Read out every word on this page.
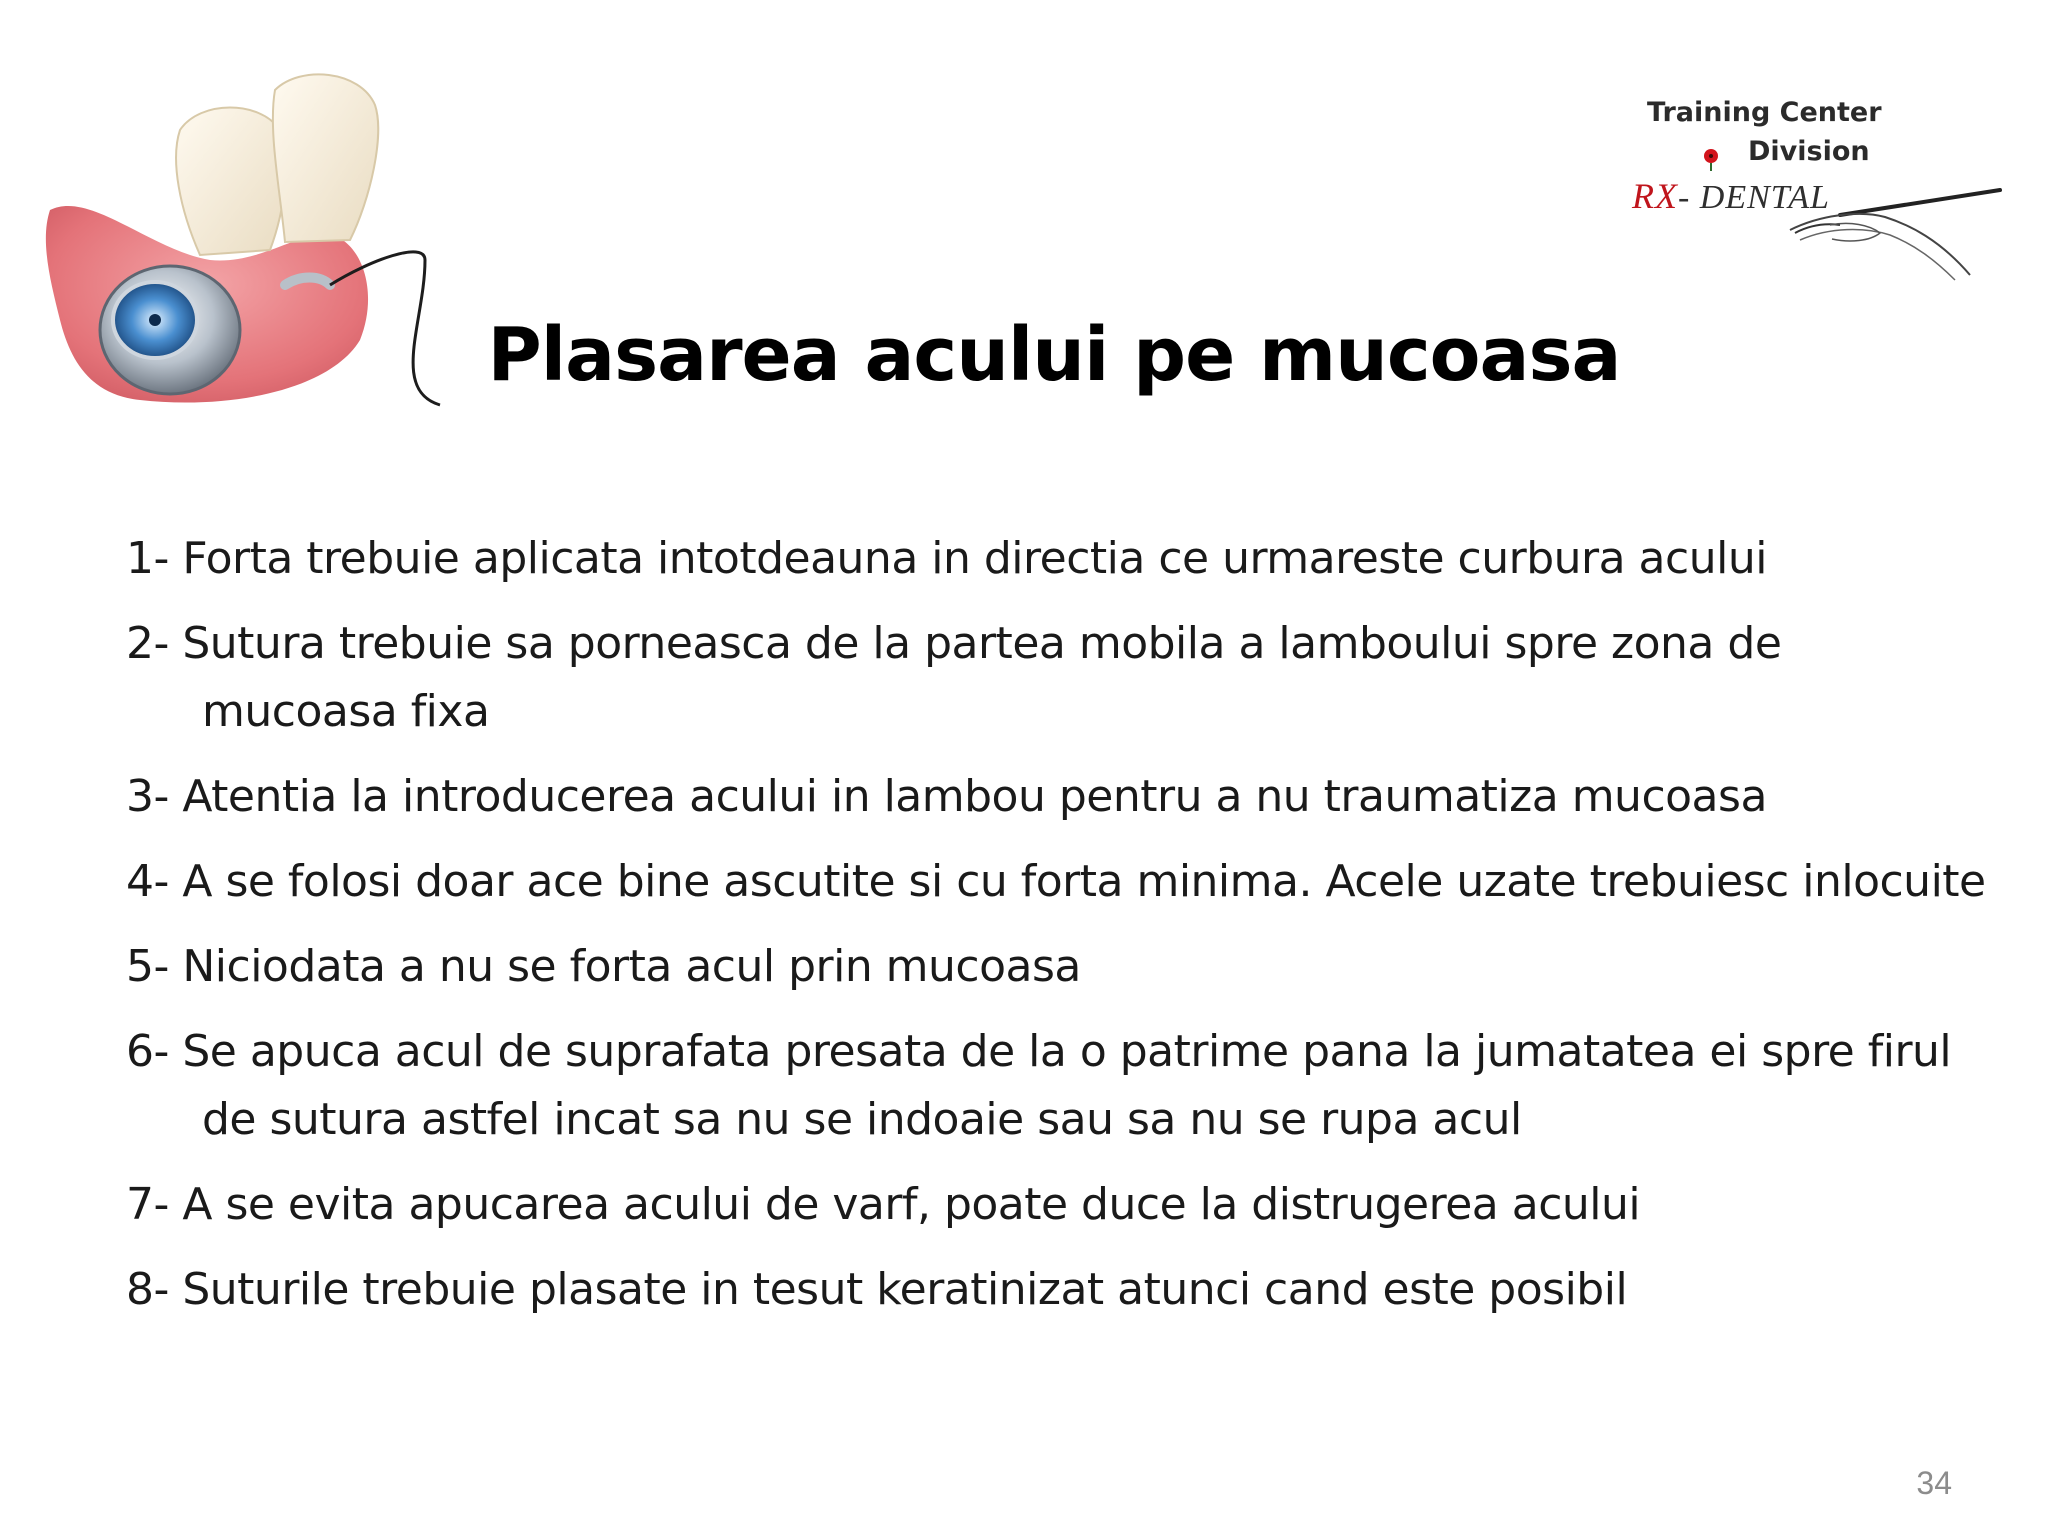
Training Center
Division
RX- DENTAL
Plasarea acului pe mucoasa
1- Forta trebuie aplicata intotdeauna in directia ce urmareste curbura acului
2- Sutura trebuie sa porneasca de la partea mobila a lamboului spre zona de mucoasa fixa
3- Atentia la introducerea acului in lambou pentru a nu traumatiza mucoasa
4- A se folosi doar ace bine ascutite si cu forta minima. Acele uzate trebuiesc inlocuite
5- Niciodata a nu se forta acul prin mucoasa
6- Se apuca acul de suprafata presata de la o patrime pana la jumatatea ei spre firul de sutura astfel incat sa nu se indoaie sau sa nu se rupa acul
7- A se evita apucarea acului de varf, poate duce la distrugerea acului
8- Suturile trebuie plasate in tesut keratinizat atunci cand este posibil
34
